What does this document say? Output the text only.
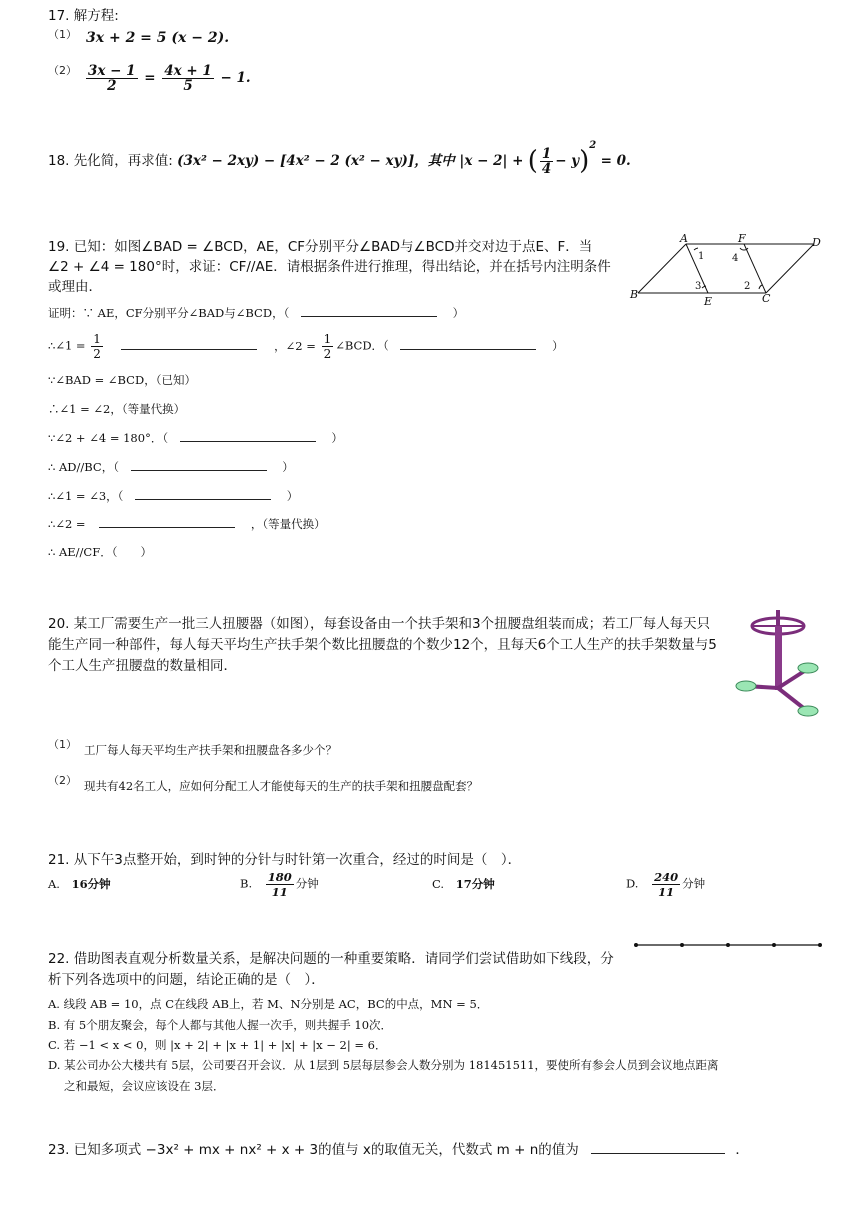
17. 解方程:
（1） 3x + 2 = 5 (x − 2).
$(2) \frac{3x - 1}{2} = \frac{4x + 1}{5} - 1$.
18. 先化简，再求值: (3x² − 2xy) − [4x² − 2 (x² − xy)]，其中 |x − 2| + ( $\frac{1}{4} - y)^2 = 0$.
19. 已知：如图∠BAD = ∠BCD，AE，CF分别平分∠BAD与∠BCD并交对边于点E、F．当
∠2 + ∠4 = 180°时，求证：CF//AE．请根据条件进行推理，得出结论，并在括号内注明条件
或理由．
A	F	D
1	4
3	2
B
E	C
证明：∵ AE，CF分别平分∠BAD与∠BCD，（	）
∴∠1 = $\frac{1}{2}$	，∠2 = $\frac{1}{2}$ ∠BCD．（	）
∵∠BAD = ∠BCD，（已知）
∴∠1 = ∠2，（等量代换）
∵∠2 + ∠4 = 180°．（	）
∴ AD//BC，（	）
∴∠1 = ∠3，（	）
∴∠2 =	，（等量代换）
∴ AE//CF．（　　）
20. 某工厂需要生产一批三人扭腰器（如图），每套设备由一个扶手架和3个扭腰盘组装而成；若工厂每人每天只
能生产同一种部件，每人每天平均生产扶手架个数比扭腰盘的个数少12个，且每天6个工人生产的扶手架数量与5
个工人生产扭腰盘的数量相同．
（1） 工厂每人每天平均生产扶手架和扭腰盘各多少个？
（2） 现共有42名工人，应如何分配工人才能使每天的生产的扶手架和扭腰盘配套？
21. 从下午3点整开始，到时钟的分针与时针第一次重合，经过的时间是（　）．
A. 16分钟	B. $\frac{180}{11}$ 分钟	C. 17分钟	D. $\frac{240}{11}$ 分钟
22. 借助图表直观分析数量关系，是解决问题的一种重要策略．请同学们尝试借助如下线段，分
析下列各选项中的问题，结论正确的是（　）．
A. 线段 AB = 10，点 C在线段 AB上，若 M、N分别是 AC，BC的中点，MN = 5．
B. 有 5个朋友聚会，每个人都与其他人握一次手，则共握手 10次．
C. 若 −1 < x < 0，则 |x + 2| + |x + 1| + |x| + |x − 2| = 6．
D. 某公司办公大楼共有 5层，公司要召开会议．从 1层到 5层每层参会人数分别为 181451511，要使所有参会人员到会议地点距离
之和最短，会议应该设在 3层．
23. 已知多项式 −3x² + mx + nx² + x + 3的值与 x的取值无关，代数式 m + n的值为	．
